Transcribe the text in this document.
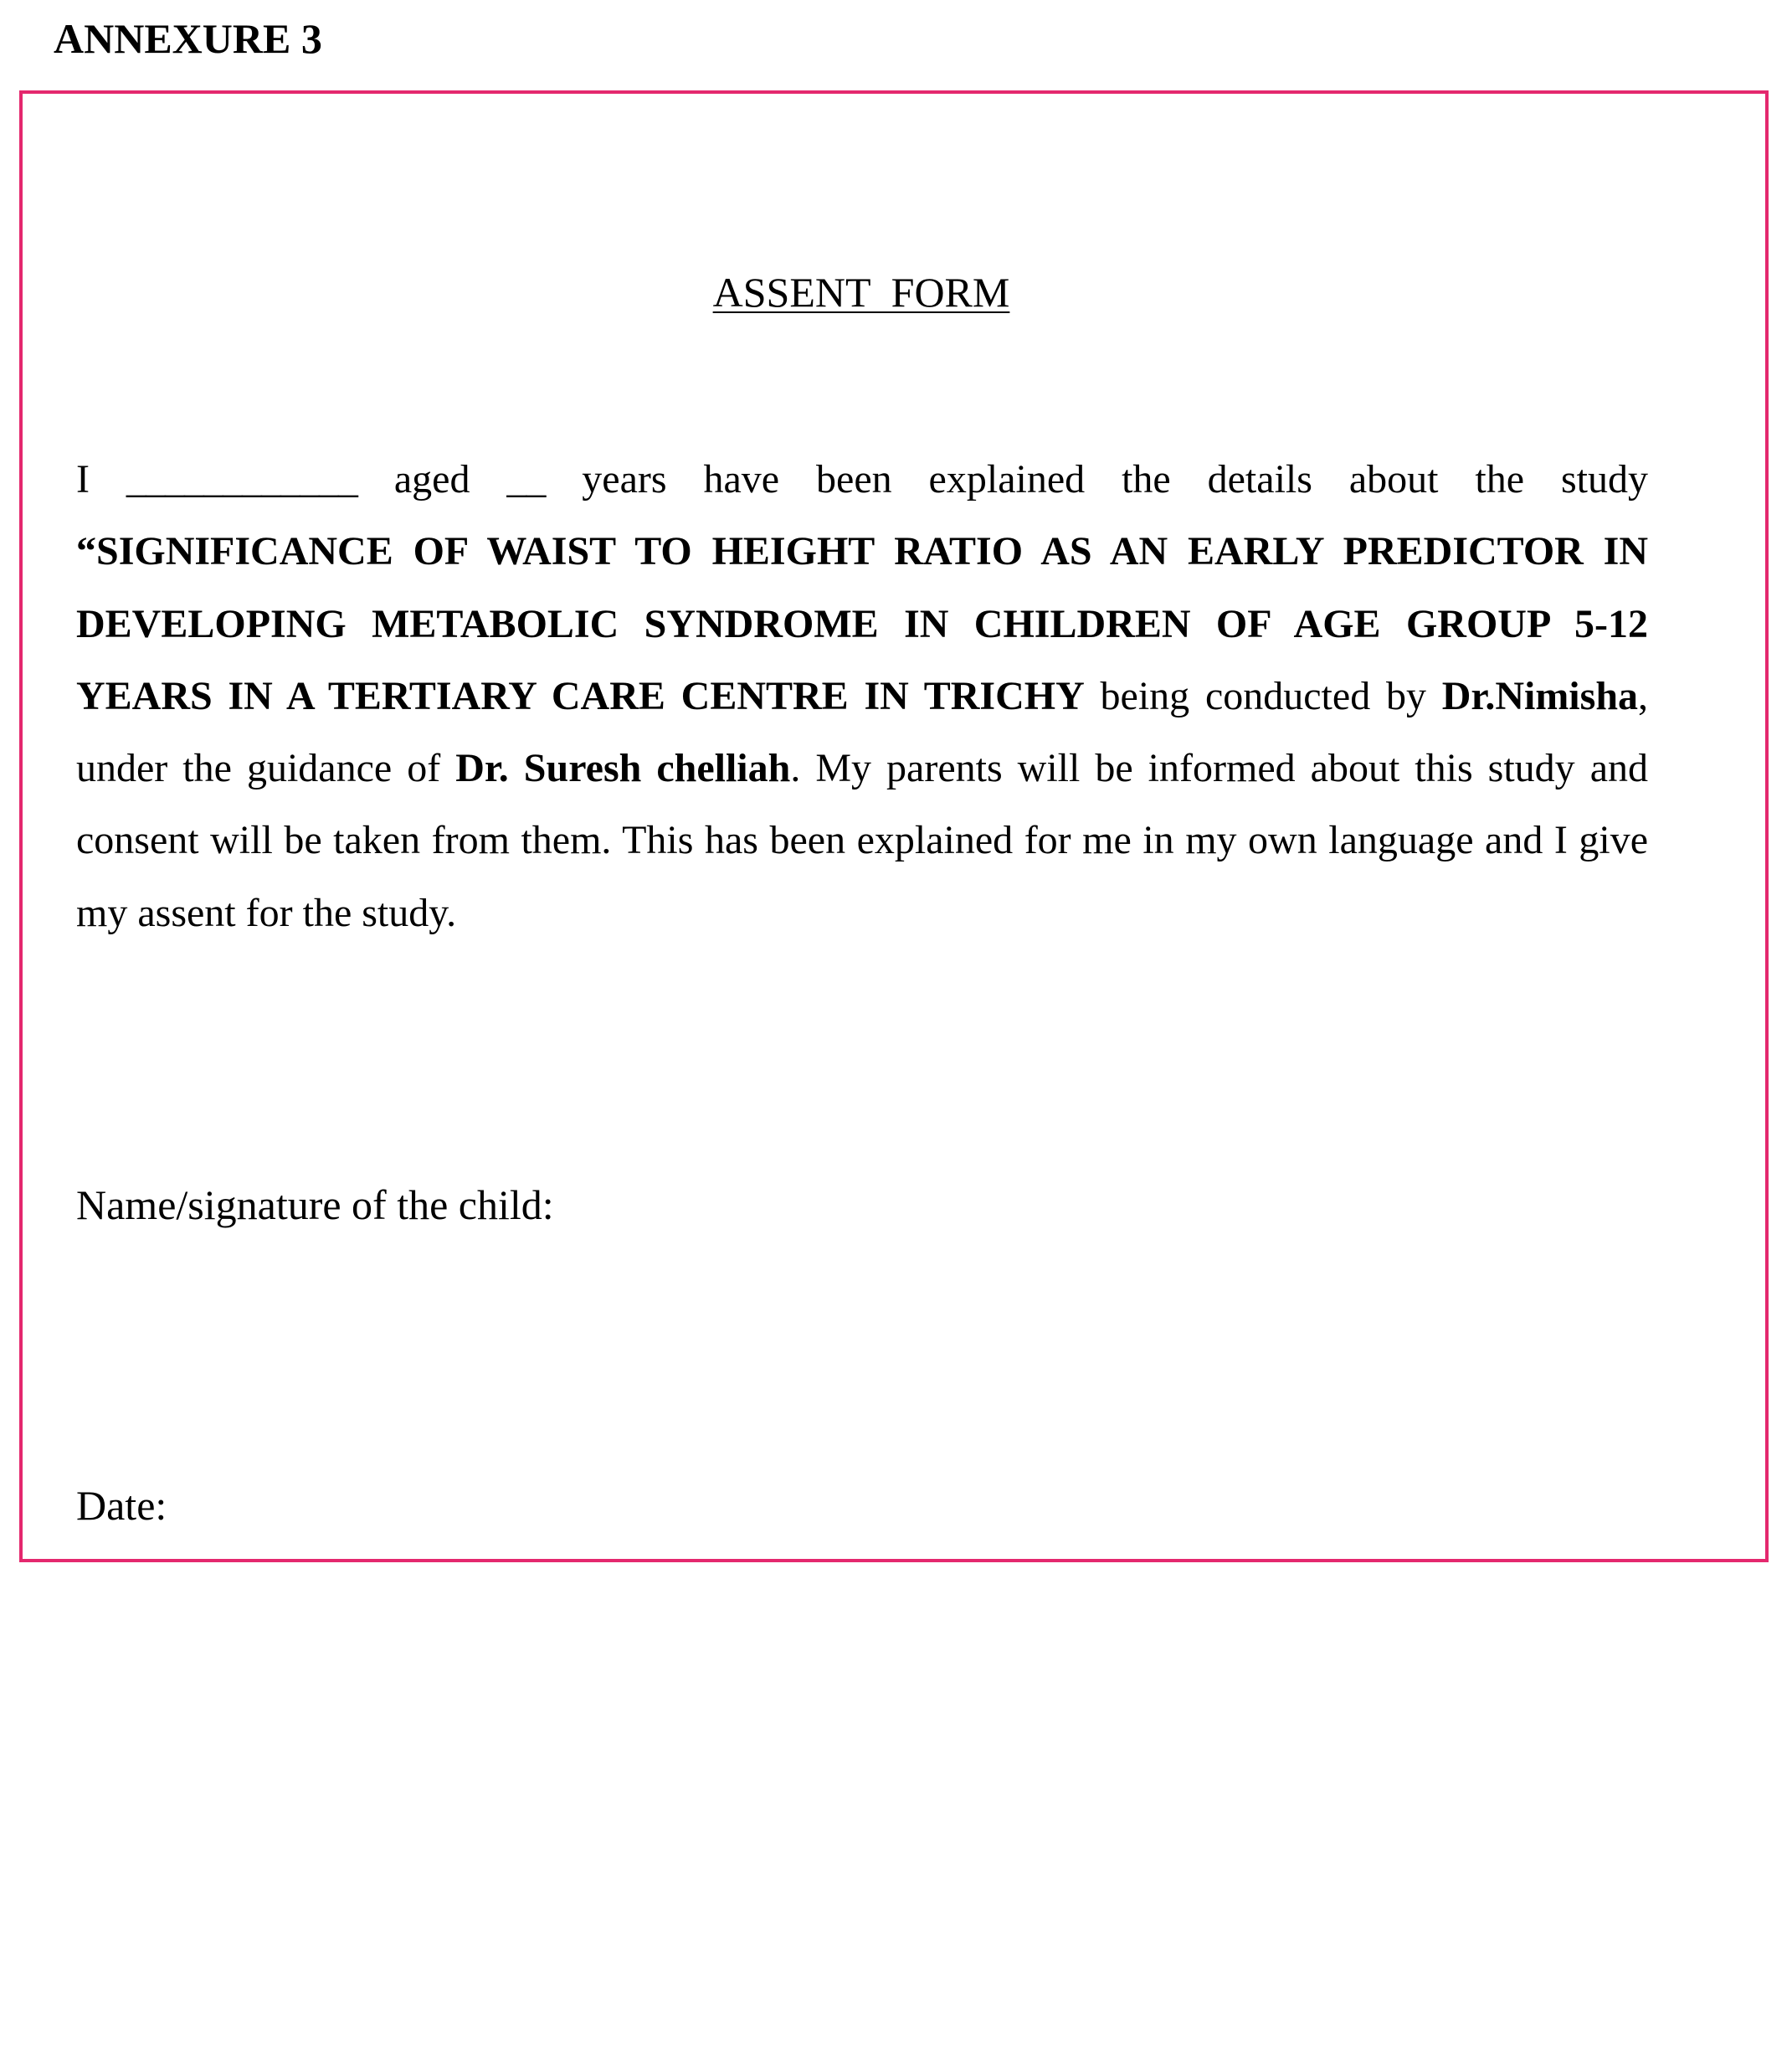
ANNEXURE 3
ASSENT  FORM
I ____________ aged __ years have been explained the details about the study
“SIGNIFICANCE OF WAIST TO HEIGHT RATIO AS AN EARLY PREDICTOR IN DEVELOPING METABOLIC SYNDROME IN CHILDREN OF AGE GROUP 5-12 YEARS IN A TERTIARY CARE CENTRE IN TRICHY being conducted by Dr.Nimisha, under the guidance of Dr. Suresh chelliah. My parents will be informed about this study and consent will be taken from them. This has been explained for me in my own language and I give my assent for the study.
Name/signature of the child:
Date:
